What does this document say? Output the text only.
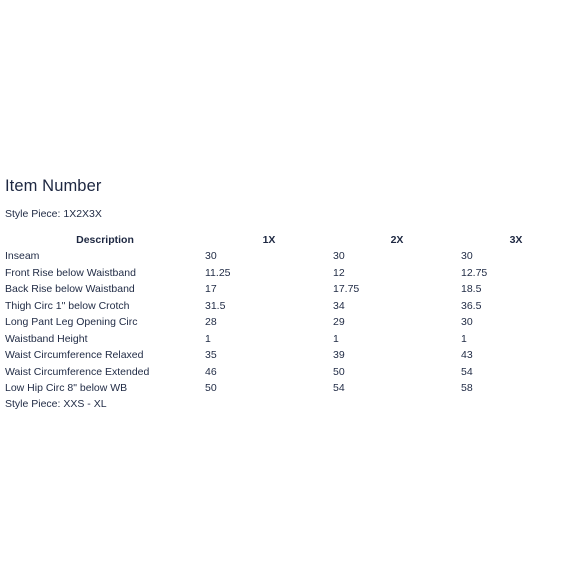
Item Number
Style Piece: 1X2X3X
Description	1X	2X	3X
Inseam	30	30	30
Front Rise below Waistband	11.25	12	12.75
Back Rise below Waistband	17	17.75	18.5
Thigh Circ 1" below Crotch	31.5	34	36.5
Long Pant Leg Opening Circ	28	29	30
Waistband Height	1	1	1
Waist Circumference Relaxed	35	39	43
Waist Circumference Extended	46	50	54
Low Hip Circ 8" below WB	50	54	58
Style Piece: XXS - XL
